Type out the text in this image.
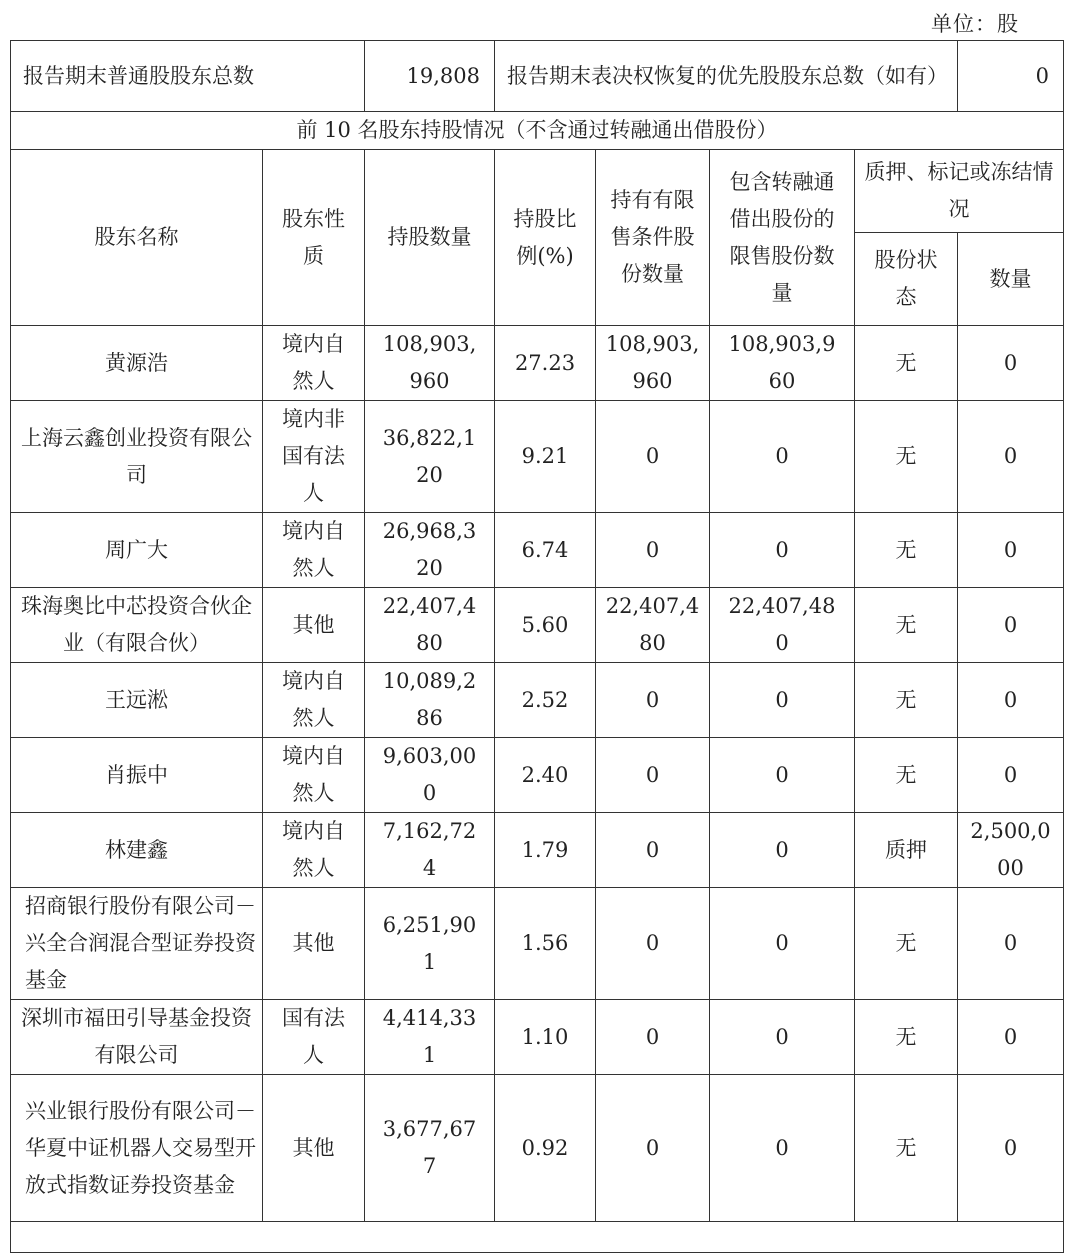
单位：股
报告期末普通股股东总数		19,808	报告期末表决权恢复的优先股股东总数（如有）				0
前 10 名股东持股情况（不含通过转融通出借股份）							
股东名称	股东性质	持股数量	持股比例(%)	持有有限售条件股份数量	包含转融通借出股份的限售股份数量	质押、标记或冻结情况	
						股份状态	数量
黄源浩	境内自然人	108,903,960	27.23	108,903,960	108,903,960	无	0
上海云鑫创业投资有限公司	境内非国有法人	36,822,120	9.21	0	0	无	0
周广大	境内自然人	26,968,320	6.74	0	0	无	0
珠海奥比中芯投资合伙企业（有限合伙）	其他	22,407,480	5.60	22,407,480	22,407,480	无	0
王远淞	境内自然人	10,089,286	2.52	0	0	无	0
肖振中	境内自然人	9,603,000	2.40	0	0	无	0
林建鑫	境内自然人	7,162,724	1.79	0	0	质押	2,500,000
招商银行股份有限公司－兴全合润混合型证券投资基金	其他	6,251,901	1.56	0	0	无	0
深圳市福田引导基金投资有限公司	国有法人	4,414,331	1.10	0	0	无	0
兴业银行股份有限公司－华夏中证机器人交易型开放式指数证券投资基金	其他	3,677,677	0.92	0	0	无	0
